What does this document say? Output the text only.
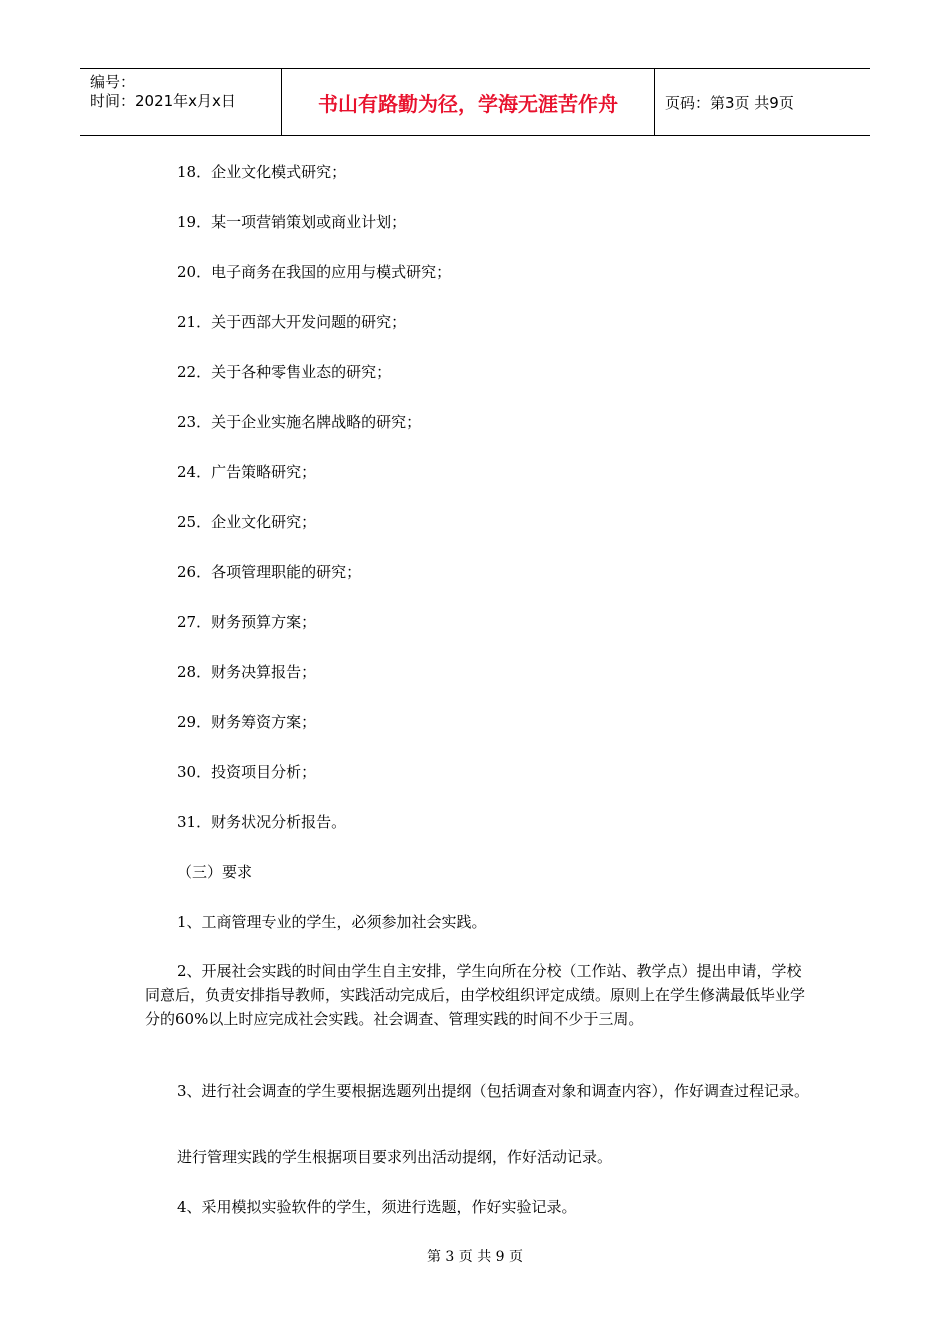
编号：
时间：2021年x月x日	书山有路勤为径，学海无涯苦作舟	页码：第3页 共9页
18．企业文化模式研究；
19．某一项营销策划或商业计划；
20．电子商务在我国的应用与模式研究；
21．关于西部大开发问题的研究；
22．关于各种零售业态的研究；
23．关于企业实施名牌战略的研究；
24．广告策略研究；
25．企业文化研究；
26．各项管理职能的研究；
27．财务预算方案；
28．财务决算报告；
29．财务筹资方案；
30．投资项目分析；
31．财务状况分析报告。
（三）要求
1、工商管理专业的学生，必须参加社会实践。

2、开展社会实践的时间由学生自主安排，学生向所在分校（工作站、教学点）提出申请，学校同意后，负责安排指导教师，实践活动完成后，由学校组织评定成绩。原则上在学生修满最低毕业学分的60%以上时应完成社会实践。社会调查、管理实践的时间不少于三周。

3、进行社会调查的学生要根据选题列出提纲（包括调查对象和调查内容），作好调查过程记录。

进行管理实践的学生根据项目要求列出活动提纲，作好活动记录。
4、采用模拟实验软件的学生，须进行选题，作好实验记录。
第 3 页 共 9 页
